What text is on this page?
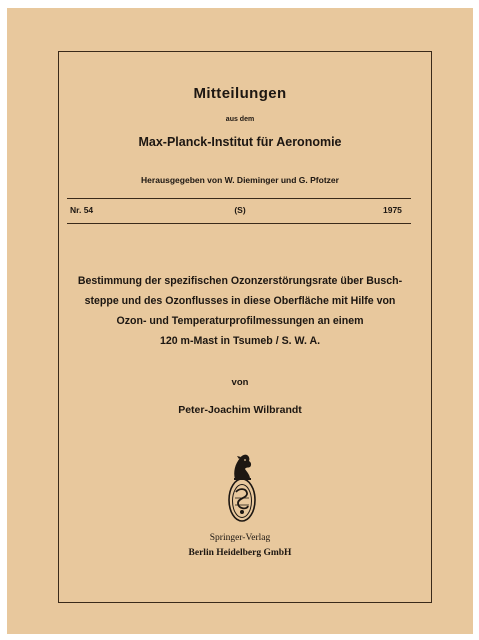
Mitteilungen
aus dem
Max-Planck-Institut für Aeronomie
Herausgegeben von W. Dieminger und G. Pfotzer
Nr. 54	(S)	1975
Bestimmung der spezifischen Ozonzerstörungsrate über Busch-
steppe und des Ozonflusses in diese Oberfläche mit Hilfe von
Ozon- und Temperaturprofilmessungen an einem
120 m-Mast in Tsumeb / S. W. A.
von
Peter-Joachim Wilbrandt
Springer-Verlag
Berlin Heidelberg GmbH
